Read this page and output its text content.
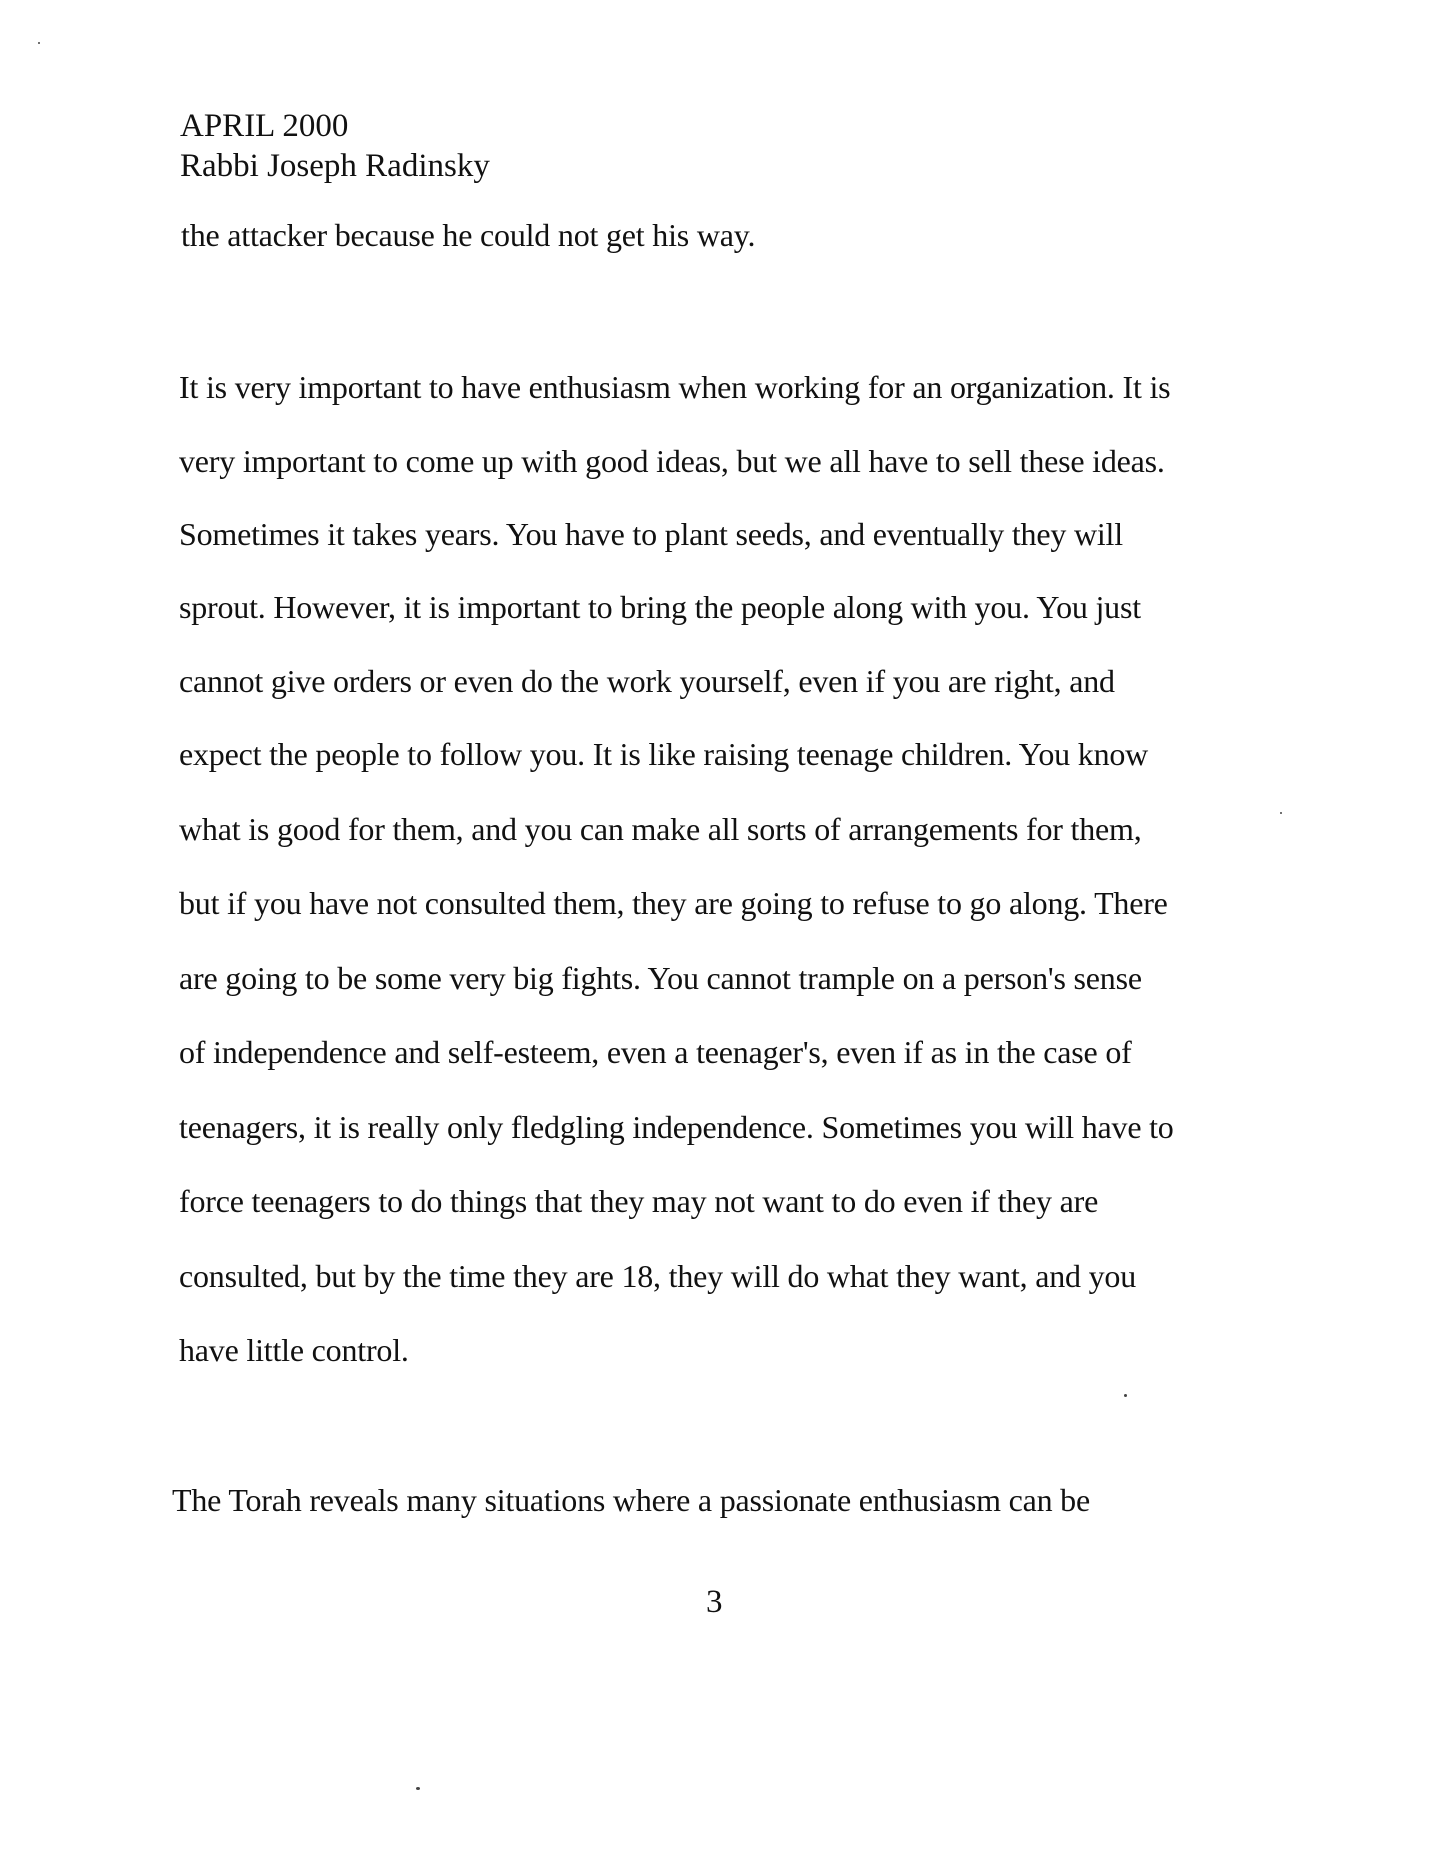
APRIL 2000
Rabbi Joseph Radinsky
the attacker because he could not get his way.
It is very important to have enthusiasm when working for an organization. It is
very important to come up with good ideas, but we all have to sell these ideas.
Sometimes it takes years. You have to plant seeds, and eventually they will
sprout. However, it is important to bring the people along with you. You just
cannot give orders or even do the work yourself, even if you are right, and
expect the people to follow you. It is like raising teenage children. You know
what is good for them, and you can make all sorts of arrangements for them,
but if you have not consulted them, they are going to refuse to go along. There
are going to be some very big fights. You cannot trample on a person's sense
of independence and self-esteem, even a teenager's, even if as in the case of
teenagers, it is really only fledgling independence. Sometimes you will have to
force teenagers to do things that they may not want to do even if they are
consulted, but by the time they are 18, they will do what they want, and you
have little control.
The Torah reveals many situations where a passionate enthusiasm can be
3
